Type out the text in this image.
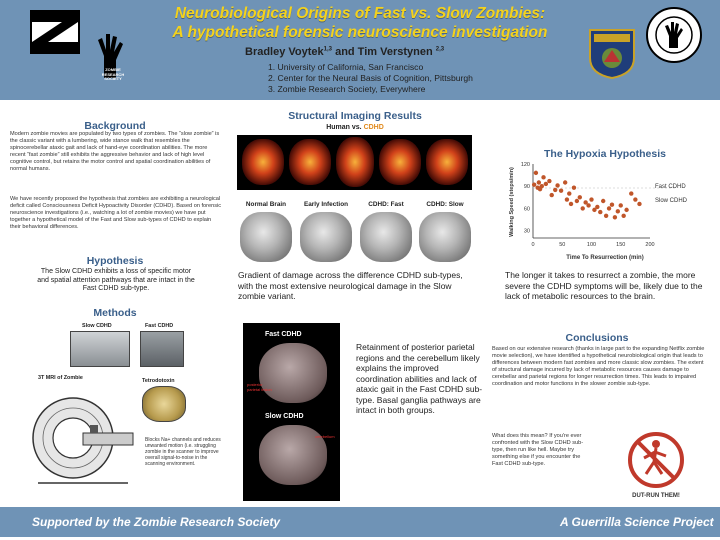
ZOMBIE RESEARCH SOCIETY
Neurobiological Origins of Fast vs. Slow Zombies:
A hypothetical forensic neuroscience investigation
Bradley Voytek$^{1,3}$ and Tim Verstynen $^{2,3}$
1. University of California, San Francisco
2. Center for the Neural Basis of Cognition, Pittsburgh
3. Zombie Research Society, Everywhere
Background
Modern zombie movies are populated by two types of zombies. The “slow zombie” is the classic variant with a lumbering, wide stance walk that resembles the spinocerebellar ataxic gait and lack of hand-eye coordination abilities. The more recent “fast zombie” still exhibits the aggressive behavior and lack of high level cognitive control, but retains the motor control and spatial coordination abilities of normal humans.
We have recently proposed the hypothesis that zombies are exhibiting a neurological deficit called Consciousness Deficit Hypoactivity Disorder (CDHD). Based on forensic neuroscience investigations (i.e., watching a lot of zombie movies) we have put together a hypothetical model of the Fast and Slow sub-types of CDHD to explain their behavioral differences.
Hypothesis
The Slow CDHD exhibits a loss of specific motor and spatial attention pathways that are intact in the Fast CDHD sub-type.
Methods
Slow CDHD	Fast CDHD
3T MRI of Zombie	Tetrodotoxin
Blocks Na+ channels and reduces unwanted motion (i.e. struggling zombie in the scanner to improve overall signal-to-noise in the scanning environment.
Structural Imaging Results
Human vs. CDHD
Normal Brain	Early Infection	CDHD: Fast	CDHD: Slow
Gradient of damage across the difference CDHD sub-types, with the most extensive neurological damage in the Slow zombie variant.
Fast CDHD
posterior parietal lesion
Slow CDHD
cerebellum
Retainment of posterior parietal regions and the cerebellum likely explains the improved coordination abilities and lack of ataxic gait in the Fast CDHD sub-type. Basal ganglia pathways are intact in both groups.
The Hypoxia Hypothesis
Walking Speed (steps/min)
Time To Resurrection (min)
Fast CDHD
Slow CDHD
120
90
60
30
0	50	100	150	200
The longer it takes to resurrect a zombie, the more severe the CDHD symptoms will be, likely due to the lack of metabolic resources to the brain.
Conclusions
Based on our extensive research (thanks in large part to the expanding Netflix zombie movie selection), we have identified a hypothetical neurobiological origin that leads to differences between modern fast zombies and more classic slow zombies. The extent of structural damage incurred by lack of metabolic resources causes damage to cerebellar and parietal regions for longer resurrection times. This leads to impaired coordination and motor functions in the slower zombie sub-type.
What does this mean? If you're ever confronted with the Slow CDHD sub-type, then run like hell. Maybe try something else if you encounter the Fast CDHD sub-type.
DUT-RUN THEM!
Supported by the Zombie Research Society	A Guerrilla Science Project
